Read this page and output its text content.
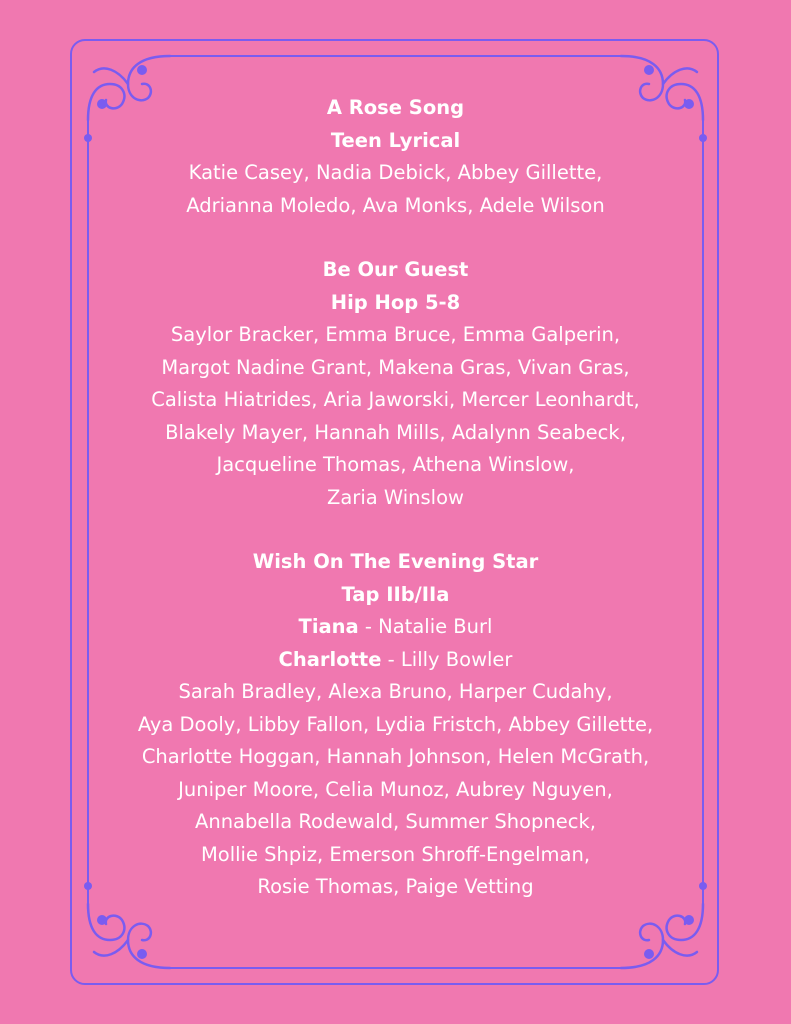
A Rose Song

Teen Lyrical

Katie Casey, Nadia Debick, Abbey Gillette,

Adrianna Moledo, Ava Monks, Adele Wilson

Be Our Guest

Hip Hop 5-8

Saylor Bracker, Emma Bruce, Emma Galperin,

Margot Nadine Grant, Makena Gras, Vivan Gras,

Calista Hiatrides, Aria Jaworski, Mercer Leonhardt,

Blakely Mayer, Hannah Mills, Adalynn Seabeck,

Jacqueline Thomas, Athena Winslow,

Zaria Winslow

Wish On The Evening Star

Tap IIb/IIa

Tiana - Natalie Burl

Charlotte - Lilly Bowler

Sarah Bradley, Alexa Bruno, Harper Cudahy,

Aya Dooly, Libby Fallon, Lydia Fristch, Abbey Gillette,

Charlotte Hoggan, Hannah Johnson, Helen McGrath,

Juniper Moore, Celia Munoz, Aubrey Nguyen,

Annabella Rodewald, Summer Shopneck,

Mollie Shpiz, Emerson Shroff-Engelman,

Rosie Thomas, Paige Vetting
